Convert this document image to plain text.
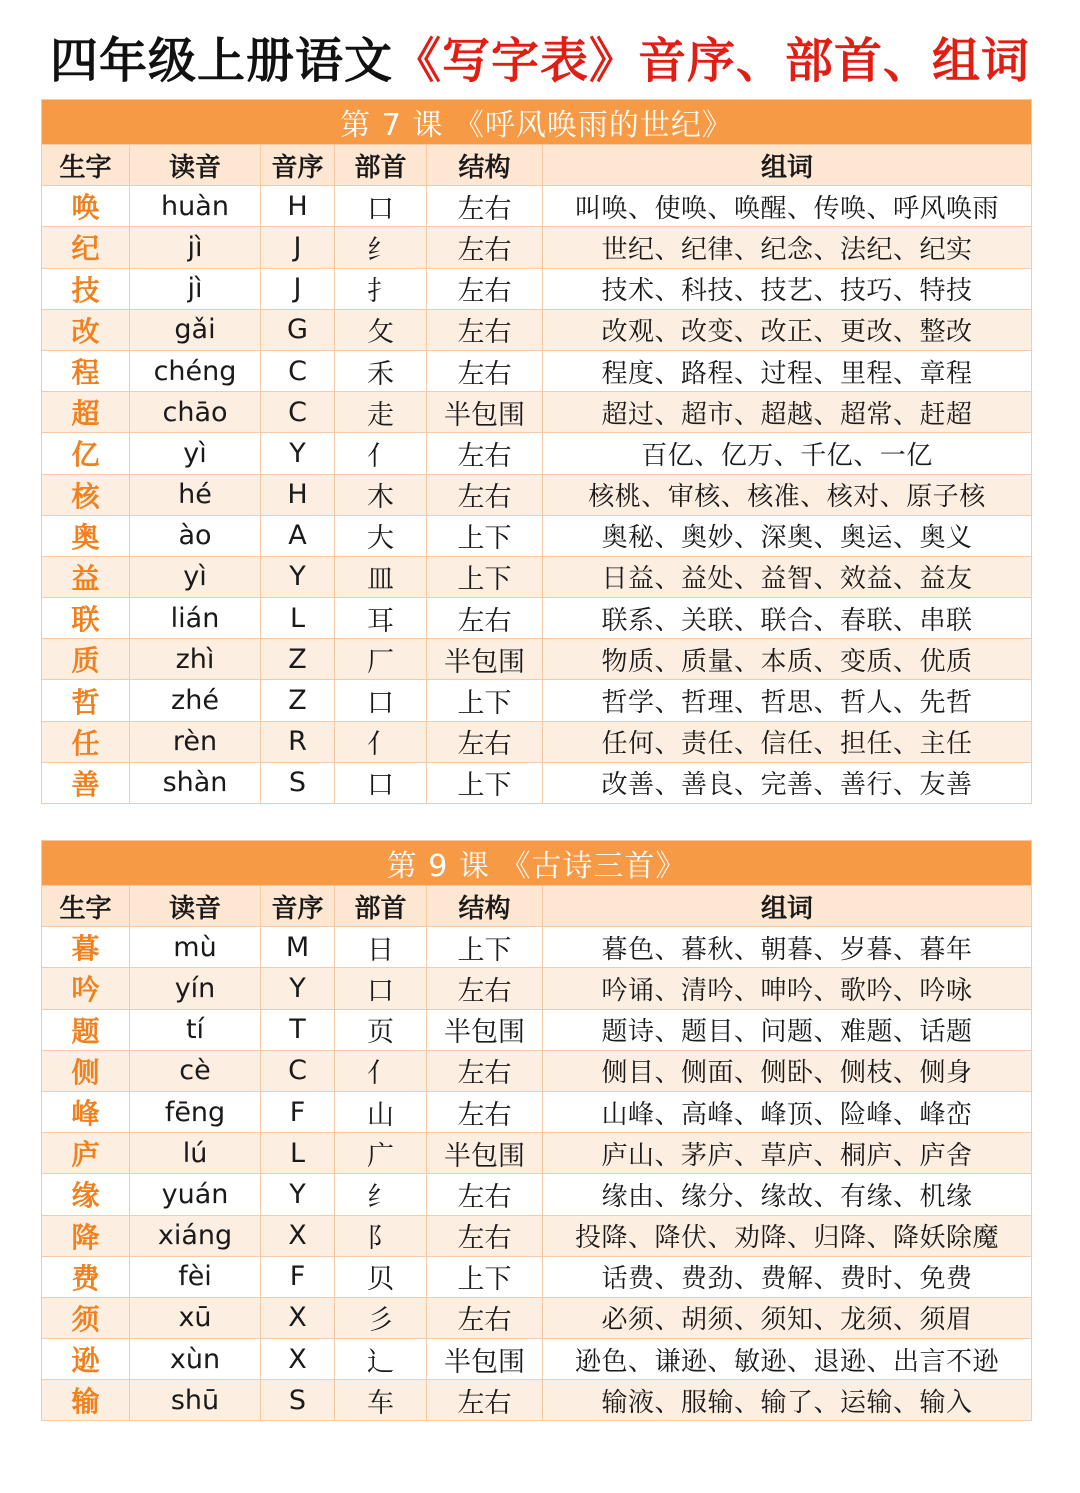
四年级上册语文《写字表》音序、部首、组词
第 7 课 《呼风唤雨的世纪》					
生字	读音	音序	部首	结构	组词
唤	huàn	H	口	左右	叫唤、使唤、唤醒、传唤、呼风唤雨
纪	jì	J	纟	左右	世纪、纪律、纪念、法纪、纪实
技	jì	J	扌	左右	技术、科技、技艺、技巧、特技
改	gǎi	G	攵	左右	改观、改变、改正、更改、整改
程	chéng	C	禾	左右	程度、路程、过程、里程、章程
超	chāo	C	走	半包围	超过、超市、超越、超常、赶超
亿	yì	Y	亻	左右	百亿、亿万、千亿、一亿
核	hé	H	木	左右	核桃、审核、核准、核对、原子核
奥	ào	A	大	上下	奥秘、奥妙、深奥、奥运、奥义
益	yì	Y	皿	上下	日益、益处、益智、效益、益友
联	lián	L	耳	左右	联系、关联、联合、春联、串联
质	zhì	Z	厂	半包围	物质、质量、本质、变质、优质
哲	zhé	Z	口	上下	哲学、哲理、哲思、哲人、先哲
任	rèn	R	亻	左右	任何、责任、信任、担任、主任
善	shàn	S	口	上下	改善、善良、完善、善行、友善
第 9 课 《古诗三首》					
生字	读音	音序	部首	结构	组词
暮	mù	M	日	上下	暮色、暮秋、朝暮、岁暮、暮年
吟	yín	Y	口	左右	吟诵、清吟、呻吟、歌吟、吟咏
题	tí	T	页	半包围	题诗、题目、问题、难题、话题
侧	cè	C	亻	左右	侧目、侧面、侧卧、侧枝、侧身
峰	fēng	F	山	左右	山峰、高峰、峰顶、险峰、峰峦
庐	lú	L	广	半包围	庐山、茅庐、草庐、桐庐、庐舍
缘	yuán	Y	纟	左右	缘由、缘分、缘故、有缘、机缘
降	xiáng	X	阝	左右	投降、降伏、劝降、归降、降妖除魔
费	fèi	F	贝	上下	话费、费劲、费解、费时、免费
须	xū	X	彡	左右	必须、胡须、须知、龙须、须眉
逊	xùn	X	辶	半包围	逊色、谦逊、敏逊、退逊、出言不逊
输	shū	S	车	左右	输液、服输、输了、运输、输入
